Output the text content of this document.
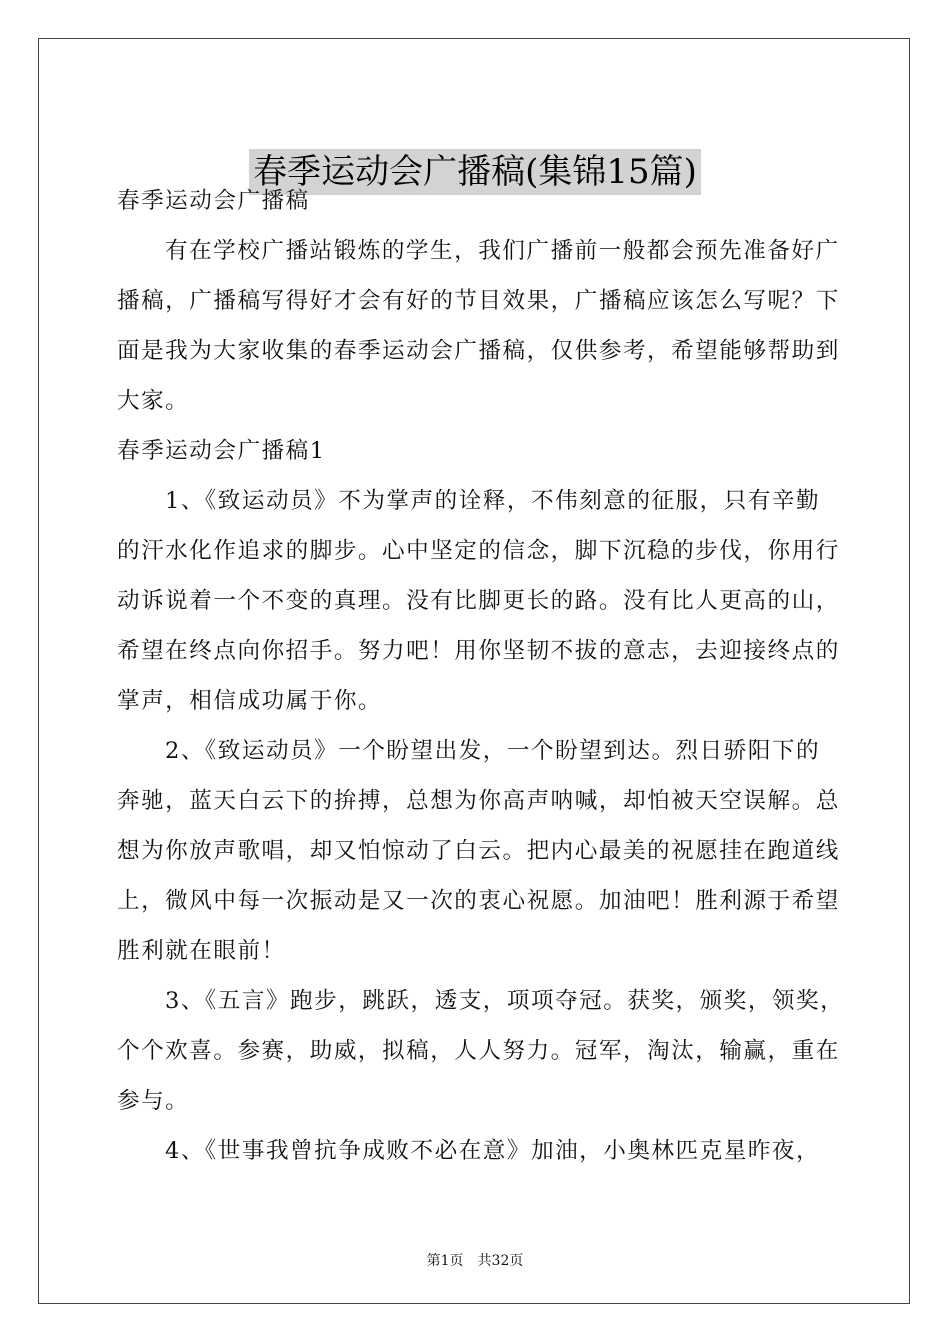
春季运动会广播稿(集锦15篇)
春季运动会广播稿
有在学校广播站锻炼的学生，我们广播前一般都会预先准备好广
播稿，广播稿写得好才会有好的节目效果，广播稿应该怎么写呢？下
面是我为大家收集的春季运动会广播稿，仅供参考，希望能够帮助到
大家。
春季运动会广播稿1
1、《致运动员》不为掌声的诠释，不伟刻意的征服，只有辛勤
的汗水化作追求的脚步。心中坚定的信念，脚下沉稳的步伐，你用行
动诉说着一个不变的真理。没有比脚更长的路。没有比人更高的山，
希望在终点向你招手。努力吧！用你坚韧不拔的意志，去迎接终点的
掌声，相信成功属于你。
2、《致运动员》一个盼望出发，一个盼望到达。烈日骄阳下的
奔驰，蓝天白云下的拚搏，总想为你高声呐喊，却怕被天空误解。总
想为你放声歌唱，却又怕惊动了白云。把内心最美的祝愿挂在跑道线
上，微风中每一次振动是又一次的衷心祝愿。加油吧！胜利源于希望
胜利就在眼前！
3、《五言》跑步，跳跃，透支，项项夺冠。获奖，颁奖，领奖，
个个欢喜。参赛，助威，拟稿，人人努力。冠军，淘汰，输赢，重在
参与。
4、《世事我曾抗争成败不必在意》加油，小奥林匹克星昨夜，
第1页　共32页
